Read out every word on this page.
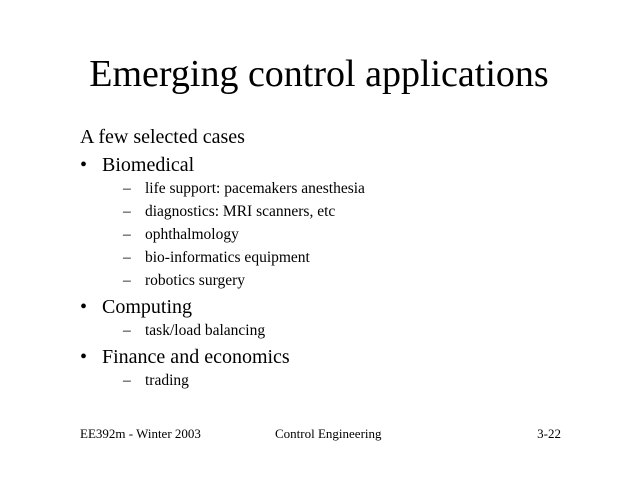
Emerging control applications
A few selected cases
• Biomedical
– life support: pacemakers anesthesia
– diagnostics: MRI scanners, etc
– ophthalmology
– bio-informatics equipment
– robotics surgery
• Computing
– task/load balancing
• Finance and economics
– trading
EE392m - Winter 2003	Control Engineering	3-22
